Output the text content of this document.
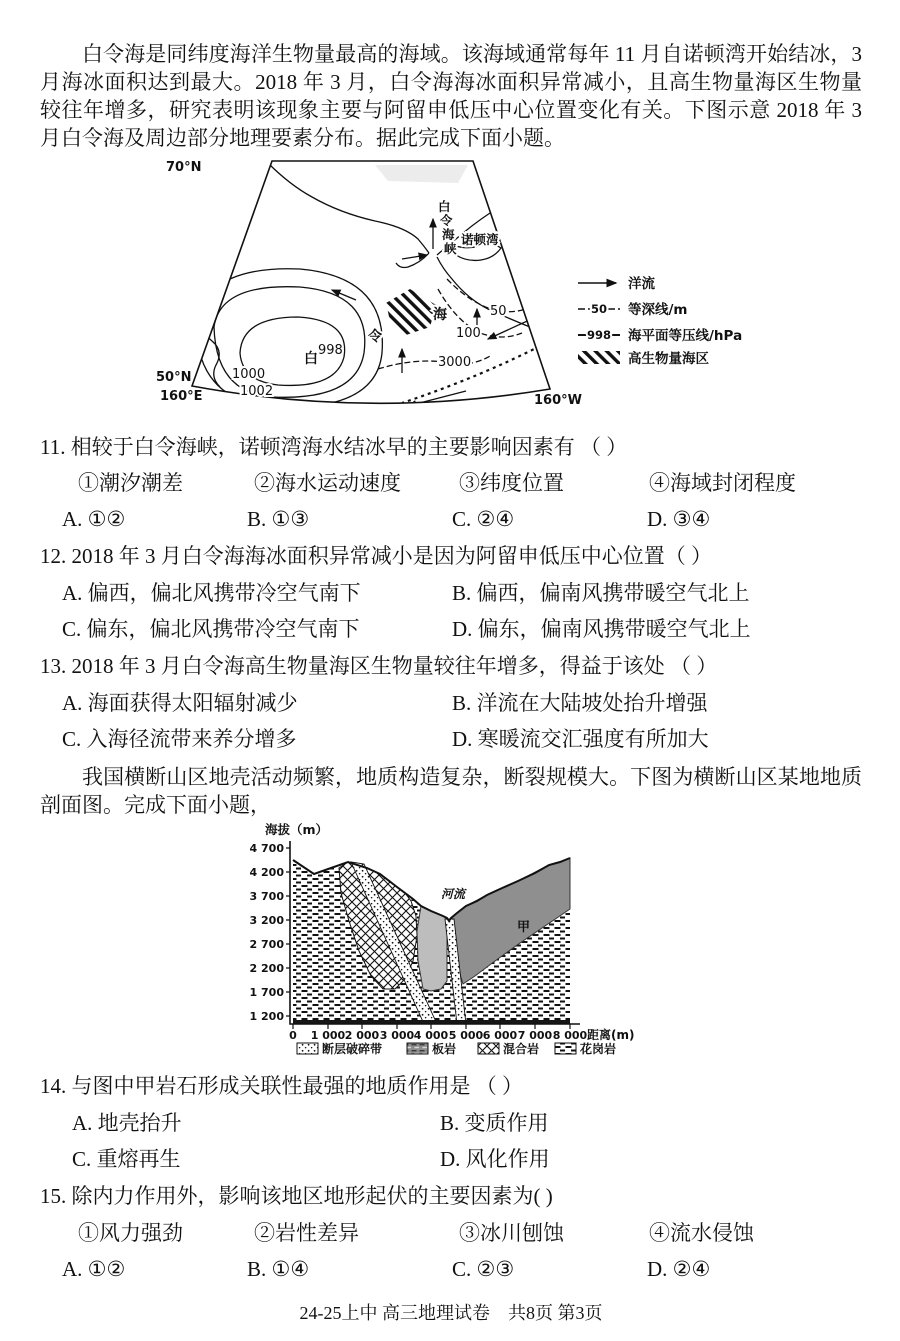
白令海是同纬度海洋生物量最高的海域。该海域通常每年 11 月自诺顿湾开始结冰，3 月海冰面积达到最大。2018 年 3 月，白令海海冰面积异常减小，且高生物量海区生物量较往年增多，研究表明该现象主要与阿留申低压中心位置变化有关。下图示意 2018 年 3 月白令海及周边部分地理要素分布。据此完成下面小题。

70°N
50°N
160°E	160°W
白
令
海
峡
诺顿湾
白
令
海
998
1000
1002
50
100
3000
洋流
50 等深线/m
998 海平面等压线/hPa
高生物量海区

11. 相较于白令海峡，诺顿湾海水结冰早的主要影响因素有 （ ）

①潮汐潮差	②海水运动速度	③纬度位置	④海域封闭程度
A. ①②	B. ①③	C. ②④	D. ③④

12. 2018 年 3 月白令海海冰面积异常减小是因为阿留申低压中心位置（ ）

A. 偏西，偏北风携带冷空气南下	B. 偏西，偏南风携带暖空气北上
C. 偏东，偏北风携带冷空气南下	D. 偏东，偏南风携带暖空气北上

13. 2018 年 3 月白令海高生物量海区生物量较往年增多，得益于该处 （ ）

A. 海面获得太阳辐射减少	B. 洋流在大陆坡处抬升增强
C. 入海径流带来养分增多	D. 寒暖流交汇强度有所加大

我国横断山区地壳活动频繁，地质构造复杂，断裂规模大。下图为横断山区某地地质剖面图。完成下面小题，

海拔（m）
4 700
4 200
3 700
3 200
2 700
2 200
1 700
1 200
0 1 000 2 000 3 000 4 000 5 000 6 000 7 000 8 000 距离(m)
河流
甲
断层破碎带	板岩	混合岩	花岗岩

14. 与图中甲岩石形成关联性最强的地质作用是 （ ）

A. 地壳抬升	B. 变质作用
C. 重熔再生	D. 风化作用

15. 除内力作用外，影响该地区地形起伏的主要因素为( )

①风力强劲	②岩性差异	③冰川刨蚀	④流水侵蚀
A. ①②	B. ①④	C. ②③	D. ②④
24-25上中 高三地理试卷　共8页 第3页
